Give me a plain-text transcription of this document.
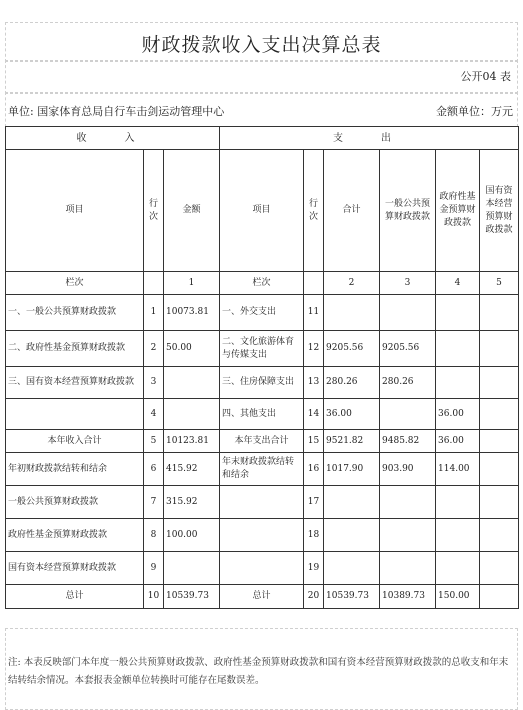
财政拨款收入支出决算总表
公开04 表
单位: 国家体育总局自行车击剑运动管理中心	金额单位：万元
收　入			支　出					
项目	行次	金额	项目	行次	合计	一般公共预算财政拨款	政府性基金预算财政拨款	国有资本经营预算财政拨款
栏次		1	栏次		2	3	4	5
一、一般公共预算财政拨款	1	10073.81	一、外交支出	11				
二、政府性基金预算财政拨款	2	50.00	二、文化旅游体育与传媒支出	12	9205.56	9205.56		
三、国有资本经营预算财政拨款	3		三、住房保障支出	13	280.26	280.26		
	4		四、其他支出	14	36.00		36.00	
本年收入合计	5	10123.81	本年支出合计	15	9521.82	9485.82	36.00	
年初财政拨款结转和结余	6	415.92	年末财政拨款结转和结余	16	1017.90	903.90	114.00	
一般公共预算财政拨款	7	315.92		17				
政府性基金预算财政拨款	8	100.00		18				
国有资本经营预算财政拨款	9			19				
总计	10	10539.73	总计	20	10539.73	10389.73	150.00	
注: 本表反映部门本年度一般公共预算财政拨款、政府性基金预算财政拨款和国有资本经营预算财政拨款的总收支和年末结转结余情况。本套报表金额单位转换时可能存在尾数误差。
